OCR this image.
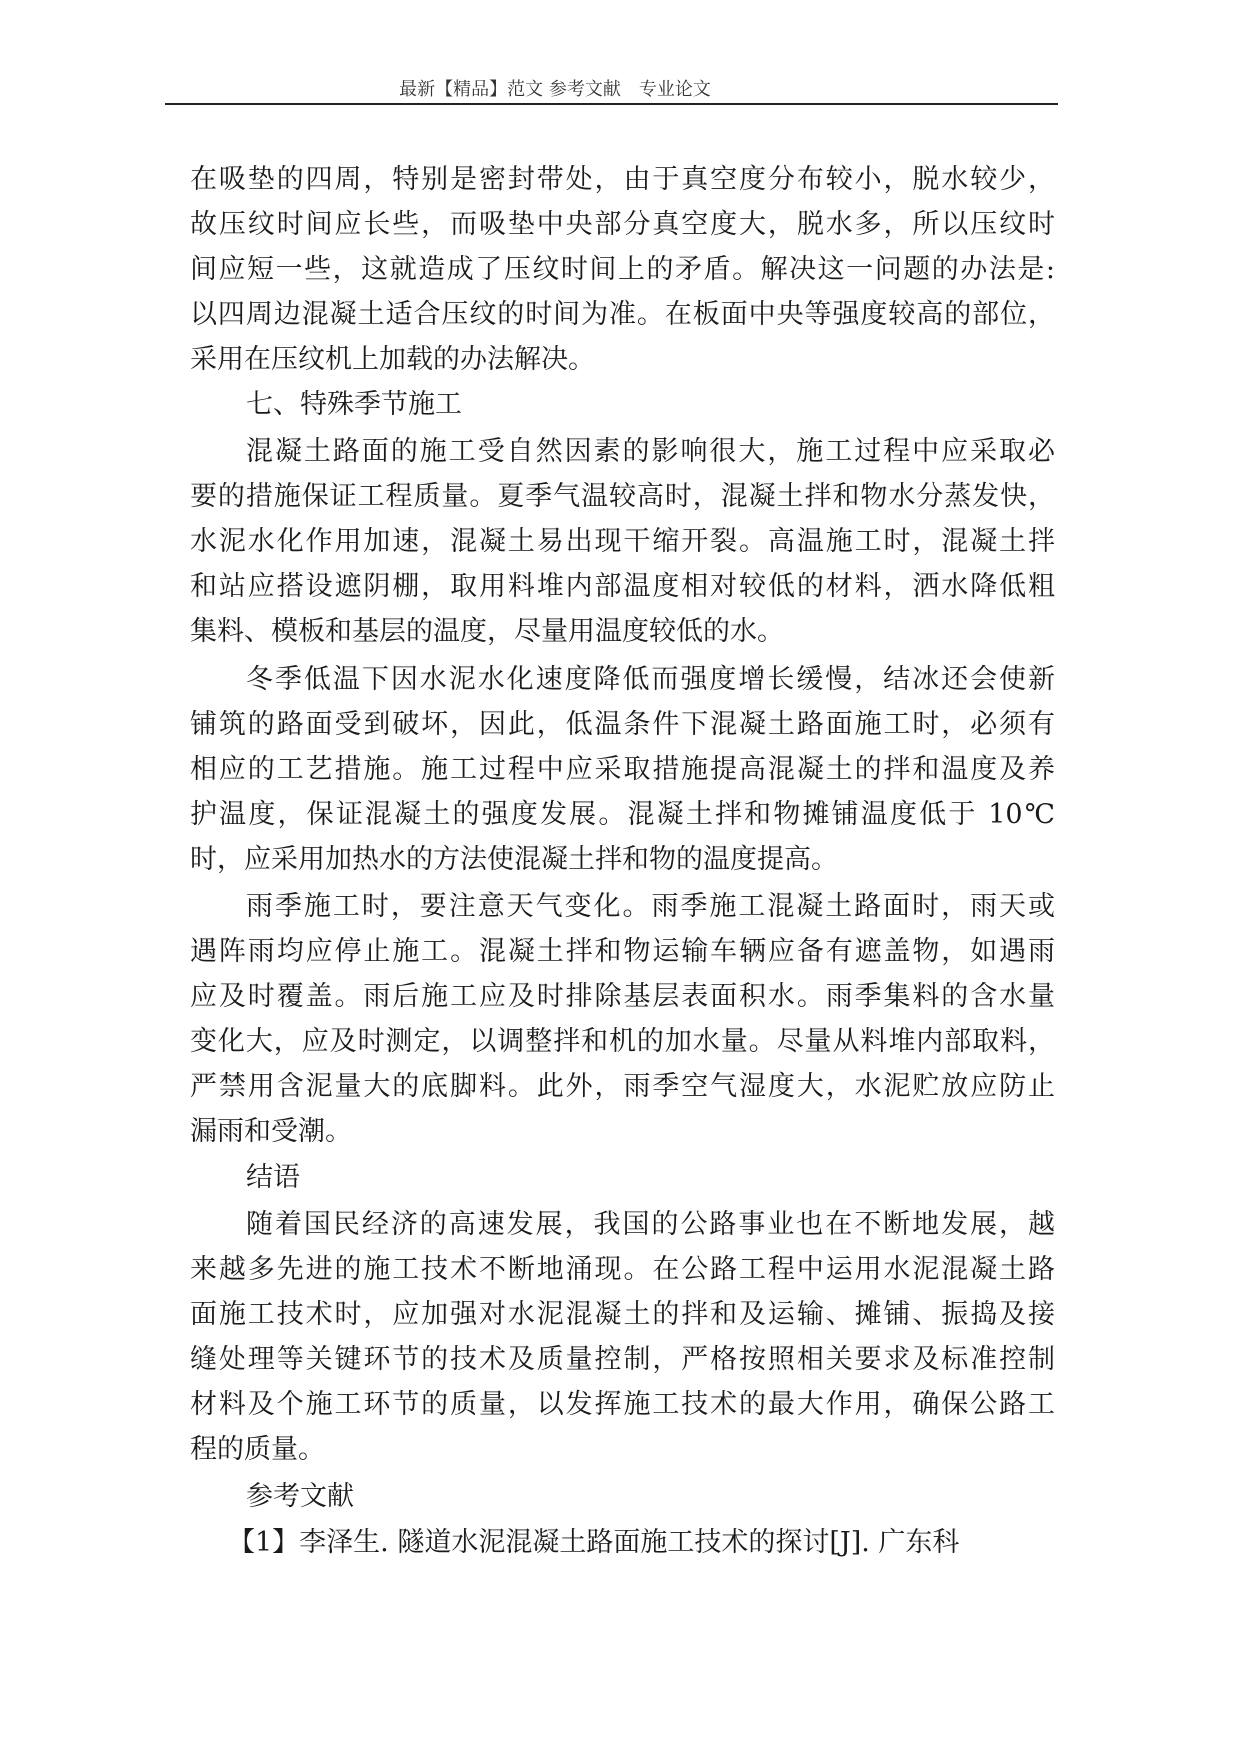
最新【精品】范文 参考文献　专业论文
在吸垫的四周，特别是密封带处，由于真空度分布较小，脱水较少，
故压纹时间应长些，而吸垫中央部分真空度大，脱水多，所以压纹时
间应短一些，这就造成了压纹时间上的矛盾。解决这一问题的办法是:
以四周边混凝土适合压纹的时间为准。在板面中央等强度较高的部位，
采用在压纹机上加载的办法解决。
七、特殊季节施工
混凝土路面的施工受自然因素的影响很大，施工过程中应采取必
要的措施保证工程质量。夏季气温较高时，混凝土拌和物水分蒸发快，
水泥水化作用加速，混凝土易出现干缩开裂。高温施工时，混凝土拌
和站应搭设遮阴棚，取用料堆内部温度相对较低的材料，洒水降低粗
集料、模板和基层的温度，尽量用温度较低的水。
冬季低温下因水泥水化速度降低而强度增长缓慢，结冰还会使新
铺筑的路面受到破坏，因此，低温条件下混凝土路面施工时，必须有
相应的工艺措施。施工过程中应采取措施提高混凝土的拌和温度及养
护温度，保证混凝土的强度发展。混凝土拌和物摊铺温度低于 10℃
时，应采用加热水的方法使混凝土拌和物的温度提高。
雨季施工时，要注意天气变化。雨季施工混凝土路面时，雨天或
遇阵雨均应停止施工。混凝土拌和物运输车辆应备有遮盖物，如遇雨
应及时覆盖。雨后施工应及时排除基层表面积水。雨季集料的含水量
变化大，应及时测定，以调整拌和机的加水量。尽量从料堆内部取料，
严禁用含泥量大的底脚料。此外，雨季空气湿度大，水泥贮放应防止
漏雨和受潮。
结语
随着国民经济的高速发展，我国的公路事业也在不断地发展，越
来越多先进的施工技术不断地涌现。在公路工程中运用水泥混凝土路
面施工技术时，应加强对水泥混凝土的拌和及运输、摊铺、振捣及接
缝处理等关键环节的技术及质量控制，严格按照相关要求及标准控制
材料及个施工环节的质量，以发挥施工技术的最大作用，确保公路工
程的质量。
参考文献
【1】李泽生. 隧道水泥混凝土路面施工技术的探讨[J]. 广东科
